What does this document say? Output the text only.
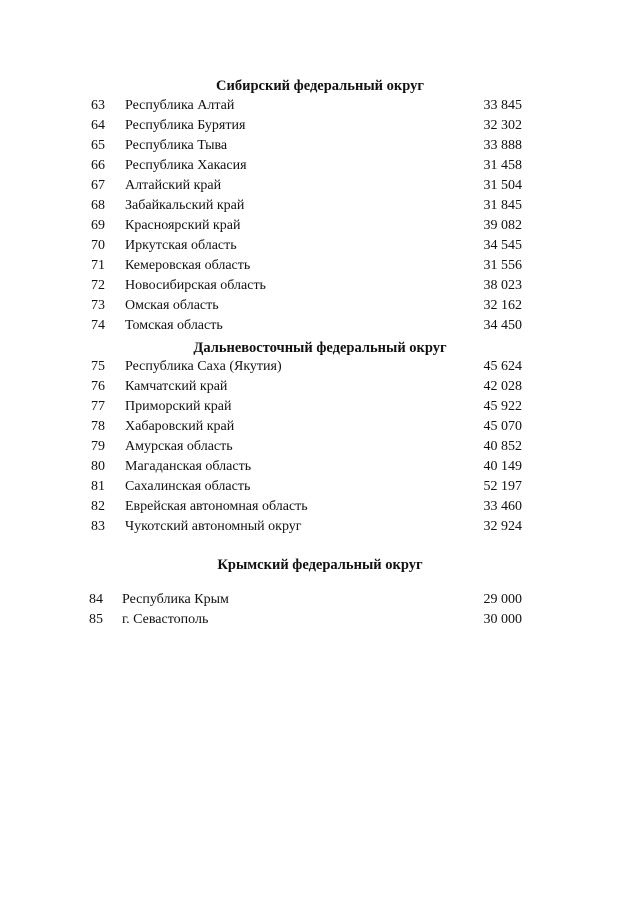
Сибирский федеральный округ
63	Республика Алтай	33 845
64	Республика Бурятия	32 302
65	Республика Тыва	33 888
66	Республика Хакасия	31 458
67	Алтайский край	31 504
68	Забайкальский край	31 845
69	Красноярский край	39 082
70	Иркутская область	34 545
71	Кемеровская область	31 556
72	Новосибирская область	38 023
73	Омская область	32 162
74	Томская область	34 450
Дальневосточный федеральный округ
75	Республика Саха (Якутия)	45 624
76	Камчатский край	42 028
77	Приморский край	45 922
78	Хабаровский край	45 070
79	Амурская область	40 852
80	Магаданская область	40 149
81	Сахалинская область	52 197
82	Еврейская автономная область	33 460
83	Чукотский автономный округ	32 924
Крымский федеральный округ
84	Республика Крым	29 000
85	г. Севастополь	30 000
